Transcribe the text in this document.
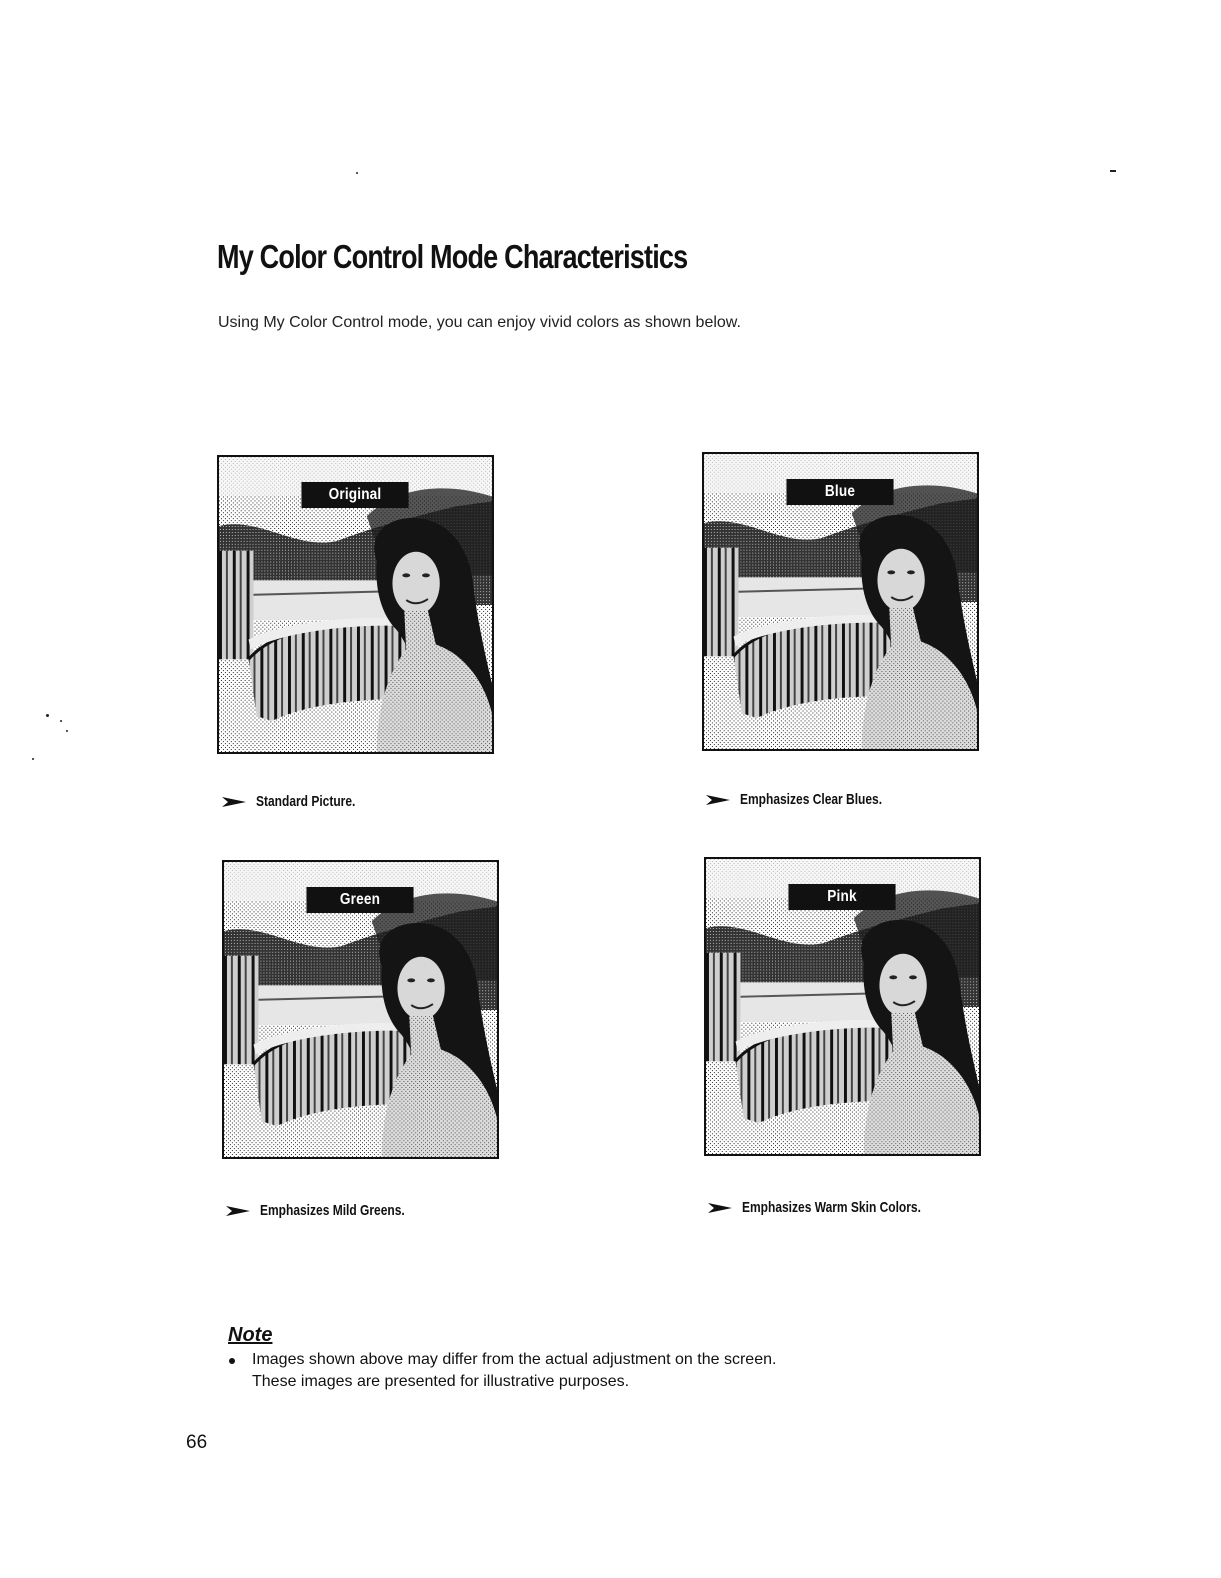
My Color Control Mode Characteristics
Using My Color Control mode, you can enjoy vivid colors as shown below.
Original	Blue
Green	Pink
Standard Picture.	Emphasizes Clear Blues.
Emphasizes Mild Greens.	Emphasizes Warm Skin Colors.
Note
Images shown above may differ from the actual adjustment on the screen.
These images are presented for illustrative purposes.
66
